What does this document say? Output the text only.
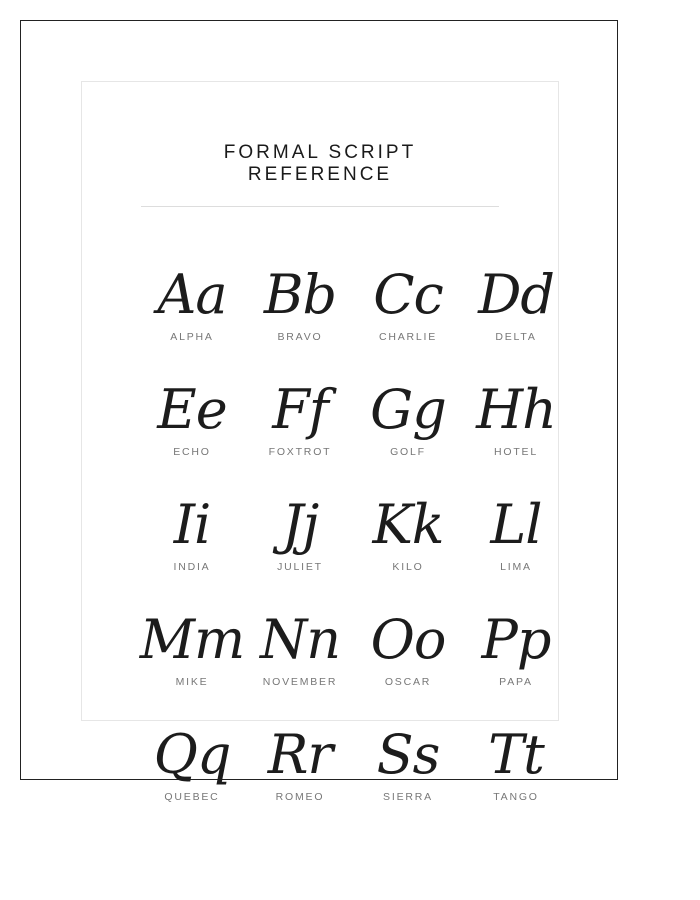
FORMAL SCRIPT
REFERENCE
Aa
ALPHA
Bb
BRAVO
Cc
CHARLIE
Dd
DELTA
Ee
ECHO
Ff
FOXTROT
Gg
GOLF
Hh
HOTEL
Ii
INDIA
Jj
JULIET
Kk
KILO
Ll
LIMA
Mm
MIKE
Nn
NOVEMBER
Oo
OSCAR
Pp
PAPA
Qq
QUEBEC
Rr
ROMEO
Ss
SIERRA
Tt
TANGO
